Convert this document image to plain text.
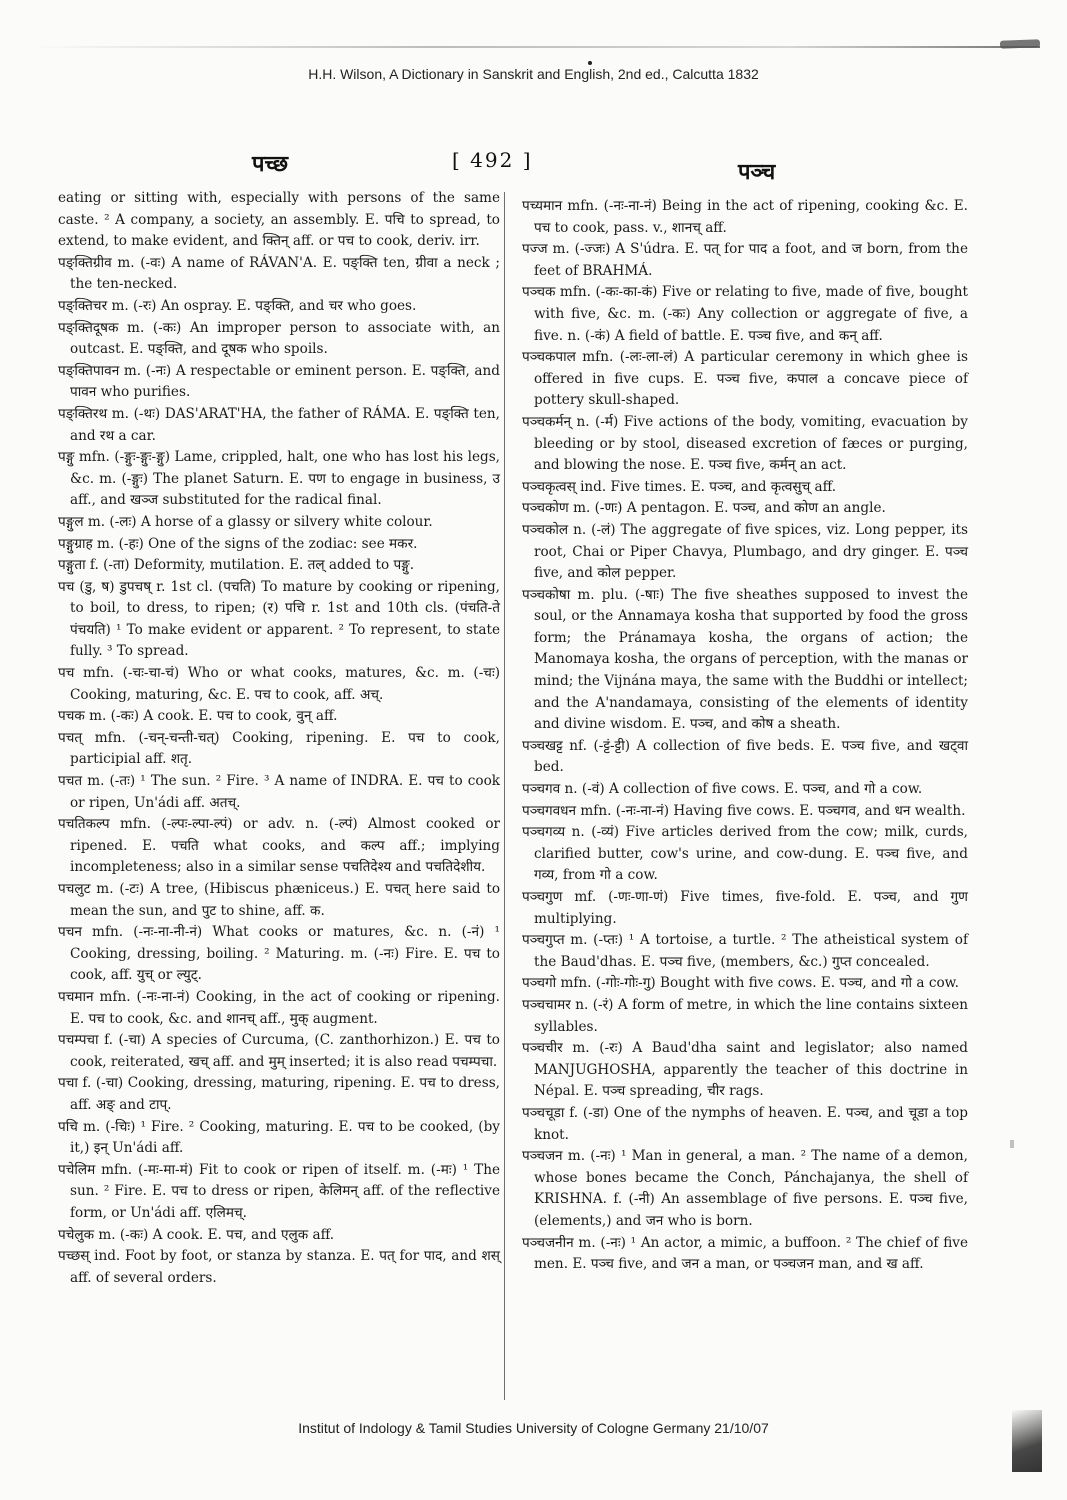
H.H. Wilson, A Dictionary in Sanskrit and English, 2nd ed., Calcutta 1832
पच्छ	[ 492 ]	पञ्च

eating or sitting with, especially with persons of the same caste. ² A company, a society, an assembly. E. पचि to spread, to extend, to make evident, and क्तिन् aff. or पच to cook, deriv. irr.

पङ्क्तिग्रीव m. (-वः) A name of RÁVAN'A. E. पङ्क्ति ten, ग्रीवा a neck ; the ten-necked.

पङ्क्तिचर m. (-रः) An ospray. E. पङ्क्ति, and चर who goes.

पङ्क्तिदूषक m. (-कः) An improper person to associate with, an outcast. E. पङ्क्ति, and दूषक who spoils.

पङ्क्तिपावन m. (-नः) A respectable or eminent person. E. पङ्क्ति, and पावन who purifies.

पङ्क्तिरथ m. (-थः) DAS'ARAT'HA, the father of RÁMA. E. पङ्क्ति ten, and रथ a car.

पङ्गु mfn. (-ङ्गुः-ङ्गुः-ङ्गु) Lame, crippled, halt, one who has lost his legs, &c. m. (-ङ्गुः) The planet Saturn. E. पण to engage in business, उ aff., and खञ्ज substituted for the radical final.

पङ्गुल m. (-लः) A horse of a glassy or silvery white colour.

पङ्गुग्राह m. (-हः) One of the signs of the zodiac: see मकर.

पङ्गुता f. (-ता) Deformity, mutilation. E. तल् added to पङ्गु.

पच (डु, ष) डुपचष् r. 1st cl. (पचति) To mature by cooking or ripening, to boil, to dress, to ripen; (र) पचि r. 1st and 10th cls. (पंचति-ते पंचयति) ¹ To make evident or apparent. ² To represent, to state fully. ³ To spread.

पच mfn. (-चः-चा-चं) Who or what cooks, matures, &c. m. (-चः) Cooking, maturing, &c. E. पच to cook, aff. अच्.

पचक m. (-कः) A cook. E. पच to cook, वुन् aff.

पचत् mfn. (-चन्-चन्ती-चत्) Cooking, ripening. E. पच to cook, participial aff. शतृ.

पचत m. (-तः) ¹ The sun. ² Fire. ³ A name of INDRA. E. पच to cook or ripen, Un'ádi aff. अतच्.

पचतिकल्प mfn. (-ल्पः-ल्पा-ल्पं) or adv. n. (-ल्पं) Almost cooked or ripened. E. पचति what cooks, and कल्प aff.; implying incompleteness; also in a similar sense पचतिदेश्य and पचतिदेशीय.

पचलुट m. (-टः) A tree, (Hibiscus phæniceus.) E. पचत् here said to mean the sun, and पुट to shine, aff. क.

पचन mfn. (-नः-ना-नी-नं) What cooks or matures, &c. n. (-नं) ¹ Cooking, dressing, boiling. ² Maturing. m. (-नः) Fire. E. पच to cook, aff. युच् or ल्युट्.

पचमान mfn. (-नः-ना-नं) Cooking, in the act of cooking or ripening. E. पच to cook, &c. and शानच् aff., मुक् augment.

पचम्पचा f. (-चा) A species of Curcuma, (C. zanthorhizon.) E. पच to cook, reiterated, खच् aff. and मुम् inserted; it is also read पचम्पचा.

पचा f. (-चा) Cooking, dressing, maturing, ripening. E. पच to dress, aff. अङ् and टाप्.

पचि m. (-चिः) ¹ Fire. ² Cooking, maturing. E. पच to be cooked, (by it,) इन् Un'ádi aff.

पचेलिम mfn. (-मः-मा-मं) Fit to cook or ripen of itself. m. (-मः) ¹ The sun. ² Fire. E. पच to dress or ripen, केलिमन् aff. of the reflective form, or Un'ádi aff. एलिमच्.

पचेलुक m. (-कः) A cook. E. पच, and एलुक aff.

पच्छस् ind. Foot by foot, or stanza by stanza. E. पत् for पाद, and शस् aff. of several orders.

पच्यमान mfn. (-नः-ना-नं) Being in the act of ripening, cooking &c. E. पच to cook, pass. v., शानच् aff.

पज्ज m. (-ज्जः) A S'údra. E. पत् for पाद a foot, and ज born, from the feet of BRAHMÁ.

पञ्चक mfn. (-कः-का-कं) Five or relating to five, made of five, bought with five, &c. m. (-कः) Any collection or aggregate of five, a five. n. (-कं) A field of battle. E. पञ्च five, and कन् aff.

पञ्चकपाल mfn. (-लः-ला-लं) A particular ceremony in which ghee is offered in five cups. E. पञ्च five, कपाल a concave piece of pottery skull-shaped.

पञ्चकर्मन् n. (-र्म) Five actions of the body, vomiting, evacuation by bleeding or by stool, diseased excretion of fæces or purging, and blowing the nose. E. पञ्च five, कर्मन् an act.

पञ्चकृत्वस् ind. Five times. E. पञ्च, and कृत्वसुच् aff.

पञ्चकोण m. (-णः) A pentagon. E. पञ्च, and कोण an angle.

पञ्चकोल n. (-लं) The aggregate of five spices, viz. Long pepper, its root, Chai or Piper Chavya, Plumbago, and dry ginger. E. पञ्च five, and कोल pepper.

पञ्चकोषा m. plu. (-षाः) The five sheathes supposed to invest the soul, or the Annamaya kosha that supported by food the gross form; the Pránamaya kosha, the organs of action; the Manomaya kosha, the organs of perception, with the manas or mind; the Vijnána maya, the same with the Buddhi or intellect; and the A'nandamaya, consisting of the elements of identity and divine wisdom. E. पञ्च, and कोष a sheath.

पञ्चखट्ट nf. (-ट्टं-ट्टी) A collection of five beds. E. पञ्च five, and खट्वा bed.

पञ्चगव n. (-वं) A collection of five cows. E. पञ्च, and गो a cow.

पञ्चगवधन mfn. (-नः-ना-नं) Having five cows. E. पञ्चगव, and धन wealth.

पञ्चगव्य n. (-व्यं) Five articles derived from the cow; milk, curds, clarified butter, cow's urine, and cow-dung. E. पञ्च five, and गव्य, from गो a cow.

पञ्चगुण mf. (-णः-णा-णं) Five times, five-fold. E. पञ्च, and गुण multiplying.

पञ्चगुप्त m. (-प्तः) ¹ A tortoise, a turtle. ² The atheistical system of the Baud'dhas. E. पञ्च five, (members, &c.) गुप्त concealed.

पञ्चगो mfn. (-गोः-गोः-गु) Bought with five cows. E. पञ्च, and गो a cow.

पञ्चचामर n. (-रं) A form of metre, in which the line contains sixteen syllables.

पञ्चचीर m. (-रः) A Baud'dha saint and legislator; also named MANJUGHOSHA, apparently the teacher of this doctrine in Népal. E. पञ्च spreading, चीर rags.

पञ्चचूडा f. (-डा) One of the nymphs of heaven. E. पञ्च, and चूडा a top knot.

पञ्चजन m. (-नः) ¹ Man in general, a man. ² The name of a demon, whose bones became the Conch, Pánchajanya, the shell of KRISHNA. f. (-नी) An assemblage of five persons. E. पञ्च five, (elements,) and जन who is born.

पञ्चजनीन m. (-नः) ¹ An actor, a mimic, a buffoon. ² The chief of five men. E. पञ्च five, and जन a man, or पञ्चजन man, and ख aff.

Institut of Indology & Tamil Studies University of Cologne Germany 21/10/07
